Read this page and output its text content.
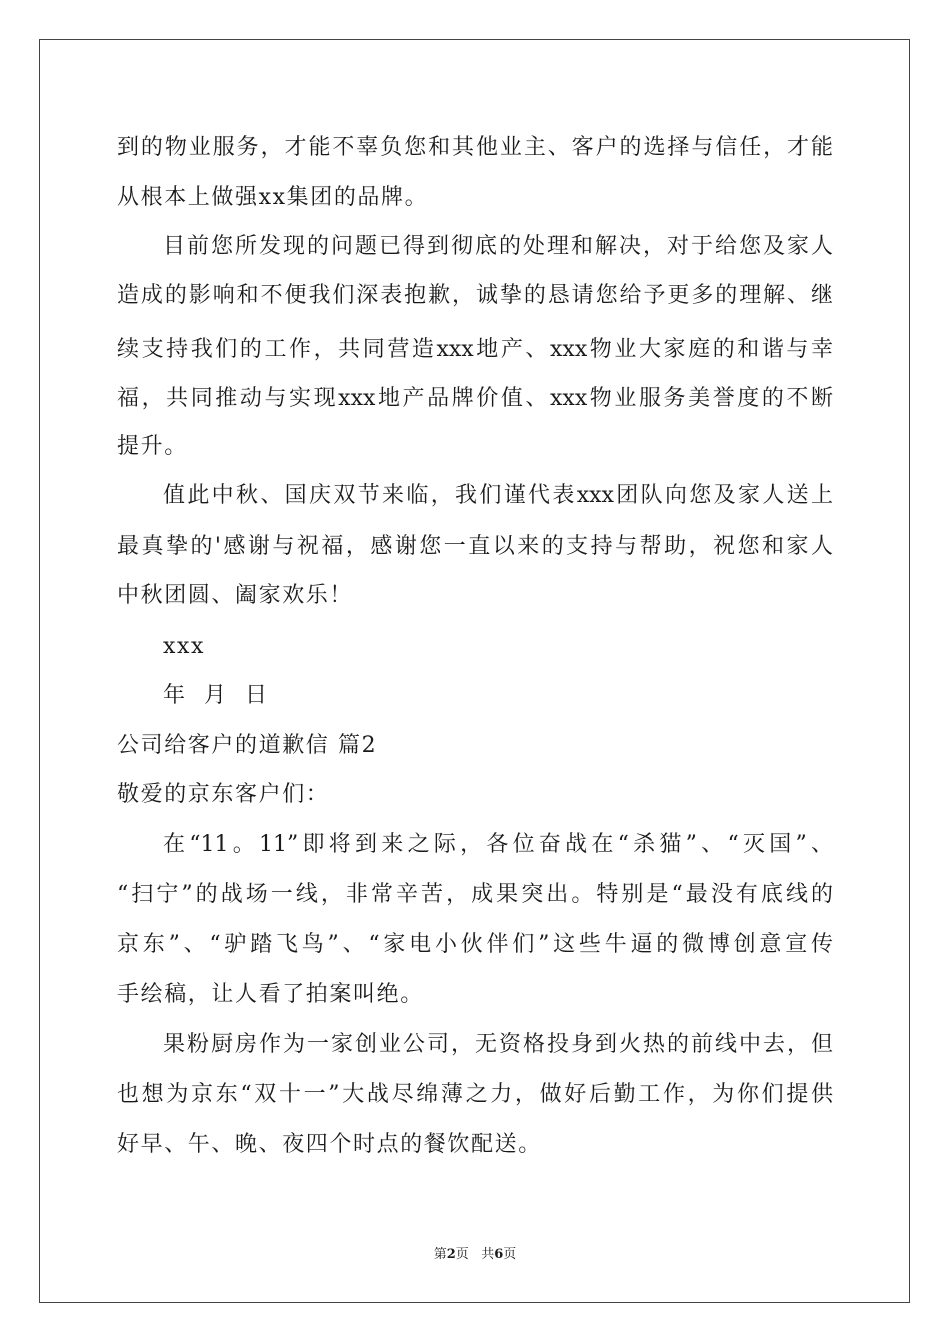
到的物业服务，才能不辜负您和其他业主、客户的选择与信任，才能
从根本上做强xx集团的品牌。
目前您所发现的问题已得到彻底的处理和解决，对于给您及家人
造成的影响和不便我们深表抱歉，诚挚的恳请您给予更多的理解、继
续支持我们的工作，共同营造xxx地产、xxx物业大家庭的和谐与幸
福，共同推动与实现xxx地产品牌价值、xxx物业服务美誉度的不断
提升。
值此中秋、国庆双节来临，我们谨代表xxx团队向您及家人送上
最真挚的'感谢与祝福，感谢您一直以来的支持与帮助，祝您和家人
中秋团圆、阖家欢乐！
xxx
年 月 日
公司给客户的道歉信 篇2
敬爱的京东客户们：
在“11。11”即将到来之际，各位奋战在“杀猫”、“灭国”、
“扫宁”的战场一线，非常辛苦，成果突出。特别是“最没有底线的
京东”、“驴踏飞鸟”、“家电小伙伴们”这些牛逼的微博创意宣传
手绘稿，让人看了拍案叫绝。
果粉厨房作为一家创业公司，无资格投身到火热的前线中去，但
也想为京东“双十一”大战尽绵薄之力，做好后勤工作，为你们提供
好早、午、晚、夜四个时点的餐饮配送。
第2页 共6页
